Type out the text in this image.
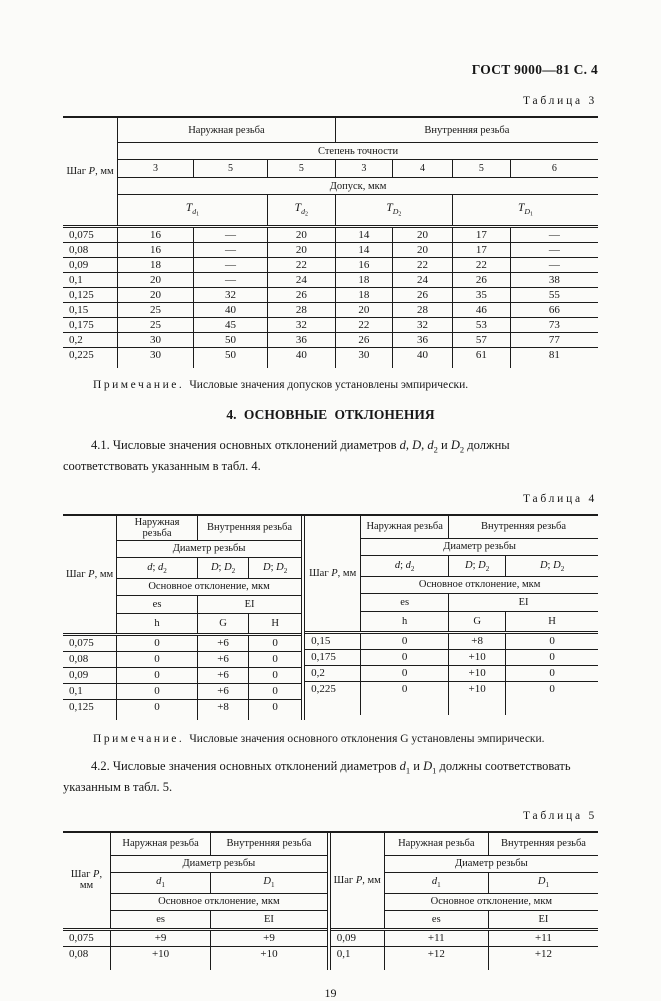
ГОСТ 9000—81 С. 4
Таблица 3
Шаг P, мм	Наружная резьба			Внутренняя резьба			
	Степень точности						
	3	5	5	3	4	5	6
	Допуск, мкм						
	$T_{d1}$		$T_{d2}$	$T_{D2}$		$T_{D1}$
0,075	16	—	20	14	20	17	—
0,08	16	—	20	14	20	17	—
0,09	18	—	22	16	22	22	—
0,1	20	—	24	18	24	26	38
0,125	20	32	26	18	26	35	55
0,15	25	40	28	20	28	46	66
0,175	25	45	32	22	32	53	73
0,2	30	50	36	26	36	57	77
0,225	30	50	40	30	40	61	81

Примечание. Числовые значения допусков установлены эмпирически.

4. ОСНОВНЫЕ ОТКЛОНЕНИЯ

4.1. Числовые значения основных отклонений диаметров d, D, $d_2$ и $D_2$ должны соответствовать указанным в табл. 4.

Таблица 4
Шаг P, мм	Наружная резьба	Внутренняя резьба	
	Диаметр резьбы		
	d; $d_2$	D; $D_2$	D; $D_2$
	Основное отклонение, мкм		
	es	EI	
	h	G	H
0,075	0	+6	0
0,08	0	+6	0
0,09	0	+6	0
0,1	0	+6	0
0,125	0	+8	0
Шаг P, мм	Наружная резьба	Внутренняя резьба	
	Диаметр резьбы		
	d; $d_2$	D; $D_2$	D; $D_2$
	Основное отклонение, мкм		
	es	EI	
	h	G	H
0,15	0	+8	0
0,175	0	+10	0
0,2	0	+10	0
0,225	0	+10	0

Примечание. Числовые значения основного отклонения G установлены эмпирически.

4.2. Числовые значения основных отклонений диаметров $d_1$ и $D_1$ должны соответствовать указанным в табл. 5.

Таблица 5
Шаг P, мм	Наружная резьба	Внутренняя резьба
	Диаметр резьбы	
	$d_1$	$D_1$
	Основное отклонение, мкм	
	es	EI
0,075	+9	+9
0,08	+10	+10
Шаг P, мм	Наружная резьба	Внутренняя резьба
	Диаметр резьбы	
	$d_1$	$D_1$
	Основное отклонение, мкм	
	es	EI
0,09	+11	+11
0,1	+12	+12
19
